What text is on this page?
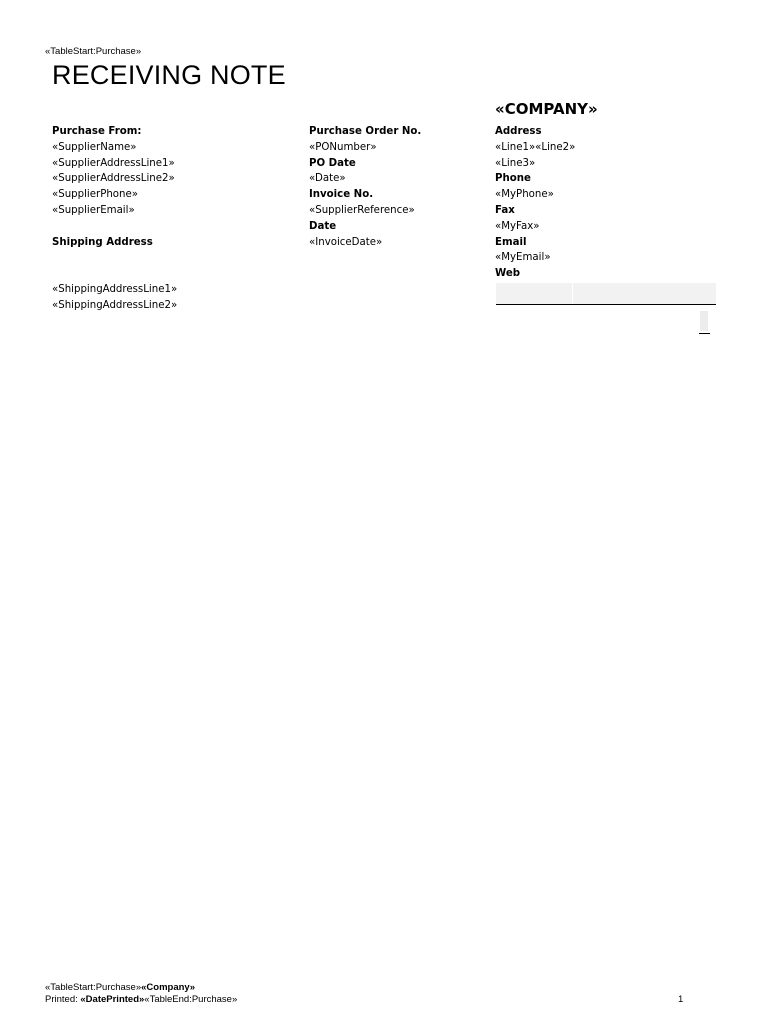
«TableStart:Purchase»
RECEIVING NOTE
«COMPANY»
Purchase From:
«SupplierName»
«SupplierAddressLine1»
«SupplierAddressLine2»
«SupplierPhone»
«SupplierEmail»
Shipping Address
«ShippingAddressLine1»
«ShippingAddressLine2»
Purchase Order No.
«PONumber»
PO Date
«Date»
Invoice No.
«SupplierReference»
Date
«InvoiceDate»
Address
«Line1»«Line2»
«Line3»
Phone
«MyPhone»
Fax
«MyFax»
Email
«MyEmail»
Web
«TableStart:Purchase»«Company»
Printed: «DatePrinted»«TableEnd:Purchase»	1
